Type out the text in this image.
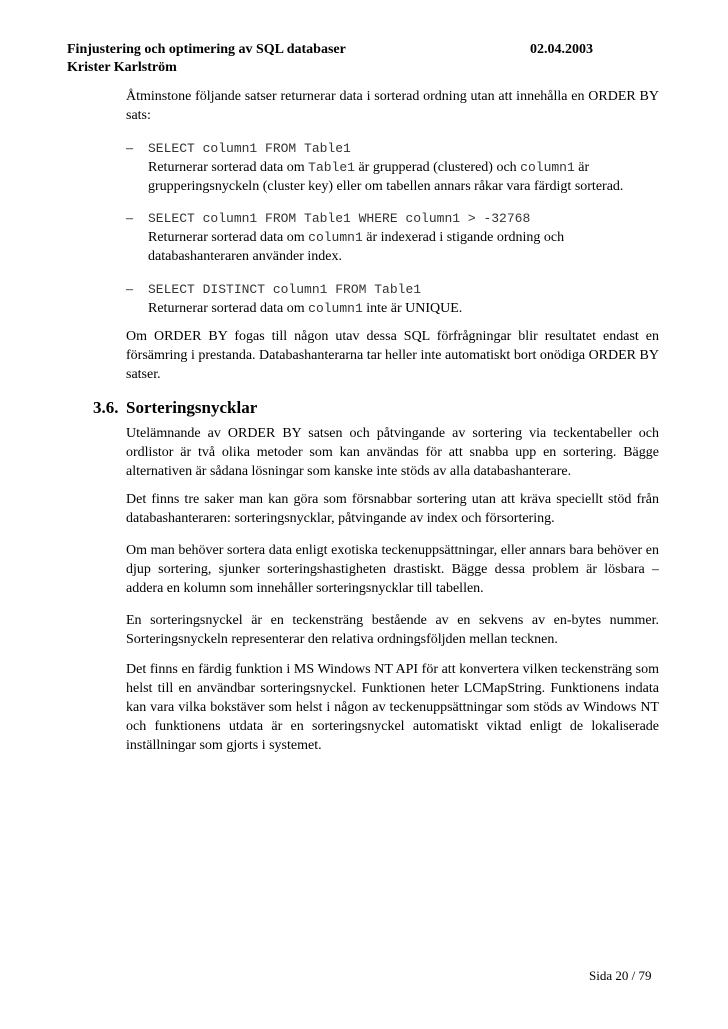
Finjustering och optimering av SQL databaser	02.04.2003
Krister Karlström
Åtminstone följande satser returnerar data i sorterad ordning utan att innehålla en ORDER BY sats:
–	SELECT column1 FROM Table1
Returnerar sorterad data om Table1 är grupperad (clustered) och column1 är grupperingsnyckeln (cluster key) eller om tabellen annars råkar vara färdigt sorterad.
–	SELECT column1 FROM Table1 WHERE column1 > -32768
Returnerar sorterad data om column1 är indexerad i stigande ordning och databashanteraren använder index.
–	SELECT DISTINCT column1 FROM Table1
Returnerar sorterad data om column1 inte är UNIQUE.
Om ORDER BY fogas till någon utav dessa SQL förfrågningar blir resultatet endast en försämring i prestanda. Databashanterarna tar heller inte automatiskt bort onödiga ORDER BY satser.
3.6. Sorteringsnycklar
Utelämnande av ORDER BY satsen och påtvingande av sortering via teckentabeller och ordlistor är två olika metoder som kan användas för att snabba upp en sortering. Bägge alternativen är sådana lösningar som kanske inte stöds av alla databashanterare.
Det finns tre saker man kan göra som försnabbar sortering utan att kräva speciellt stöd från databashanteraren: sorteringsnycklar, påtvingande av index och försortering.
Om man behöver sortera data enligt exotiska teckenuppsättningar, eller annars bara behöver en djup sortering, sjunker sorteringshastigheten drastiskt. Bägge dessa problem är lösbara – addera en kolumn som innehåller sorteringsnycklar till tabellen.
En sorteringsnyckel är en teckensträng bestående av en sekvens av en-bytes nummer. Sorteringsnyckeln representerar den relativa ordningsföljden mellan tecknen.
Det finns en färdig funktion i MS Windows NT API för att konvertera vilken teckensträng som helst till en användbar sorteringsnyckel. Funktionen heter LCMapString. Funktionens indata kan vara vilka bokstäver som helst i någon av teckenuppsättningar som stöds av Windows NT och funktionens utdata är en sorteringsnyckel automatiskt viktad enligt de lokaliserade inställningar som gjorts i systemet.
Sida 20 / 79
